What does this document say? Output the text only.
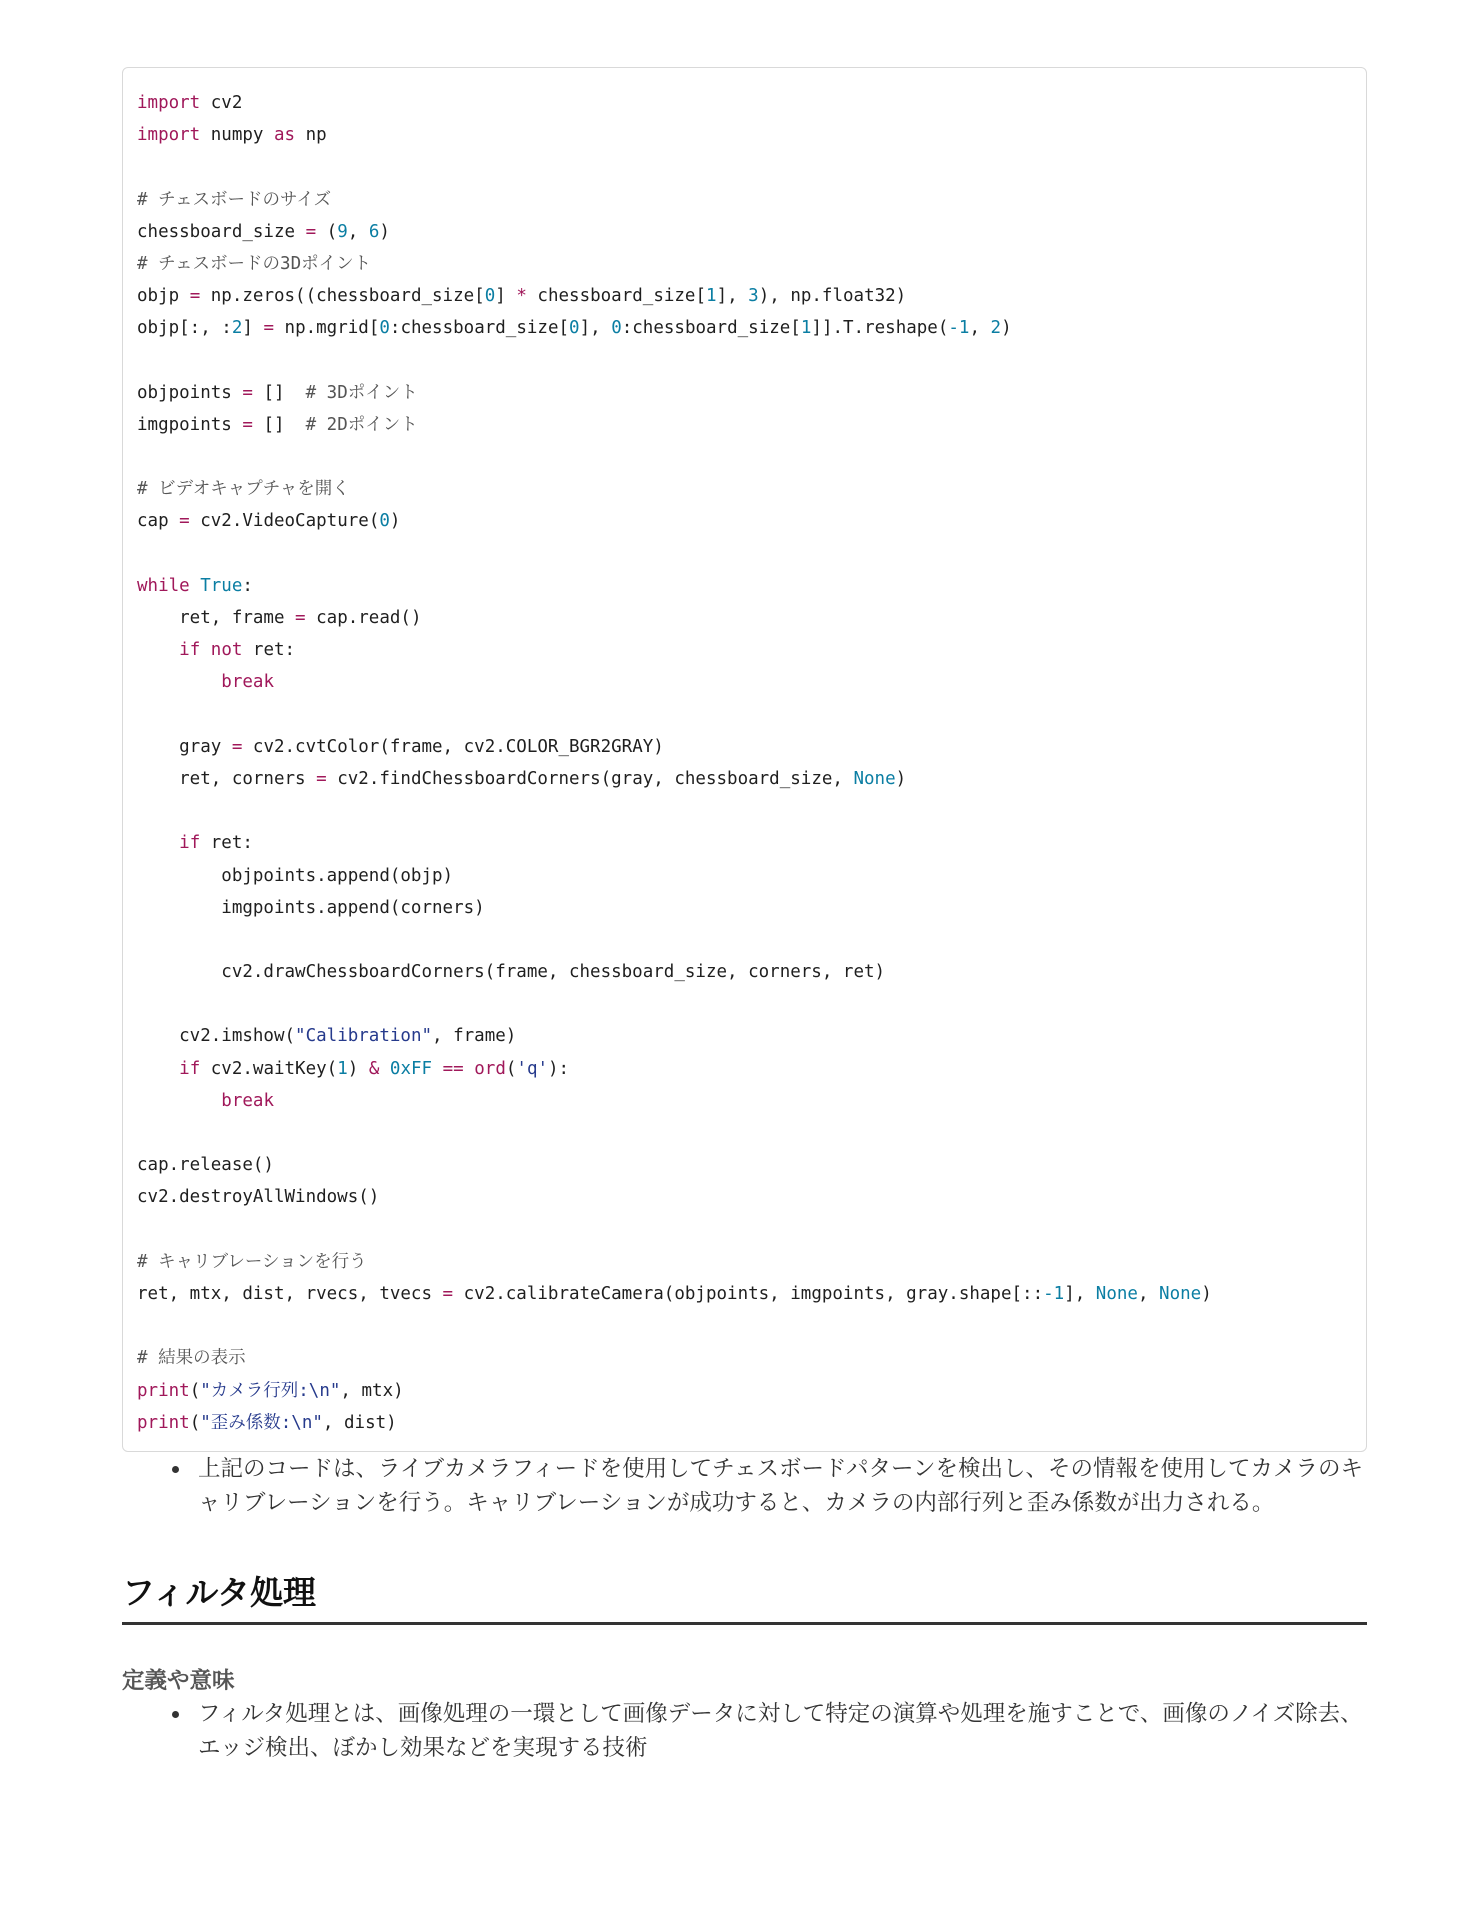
import cv2
import numpy as np
# チェスボードのサイズ
chessboard_size = (9, 6)
# チェスボードの3Dポイント
objp = np.zeros((chessboard_size[0] * chessboard_size[1], 3), np.float32)
objp[:, :2] = np.mgrid[0:chessboard_size[0], 0:chessboard_size[1]].T.reshape(-1, 2)
objpoints = []  # 3Dポイント
imgpoints = []  # 2Dポイント
# ビデオキャプチャを開く
cap = cv2.VideoCapture(0)
while True:
ret, frame = cap.read()
if not ret:
break
gray = cv2.cvtColor(frame, cv2.COLOR_BGR2GRAY)
ret, corners = cv2.findChessboardCorners(gray, chessboard_size, None)
if ret:
objpoints.append(objp)
imgpoints.append(corners)
cv2.drawChessboardCorners(frame, chessboard_size, corners, ret)
cv2.imshow("Calibration", frame)
if cv2.waitKey(1) & 0xFF == ord('q'):
break
cap.release()
cv2.destroyAllWindows()
# キャリブレーションを行う
ret, mtx, dist, rvecs, tvecs = cv2.calibrateCamera(objpoints, imgpoints, gray.shape[::-1], None, None)
# 結果の表示
print("カメラ行列:\n", mtx)
print("歪み係数:\n", dist)
上記のコードは、ライブカメラフィードを使用してチェスボードパターンを検出し、その情報を使用してカメラのキャリブレーションを行う。キャリブレーションが成功すると、カメラの内部行列と歪み係数が出力される。
フィルタ処理
定義や意味
フィルタ処理とは、画像処理の一環として画像データに対して特定の演算や処理を施すことで、画像のノイズ除去、エッジ検出、ぼかし効果などを実現する技術
